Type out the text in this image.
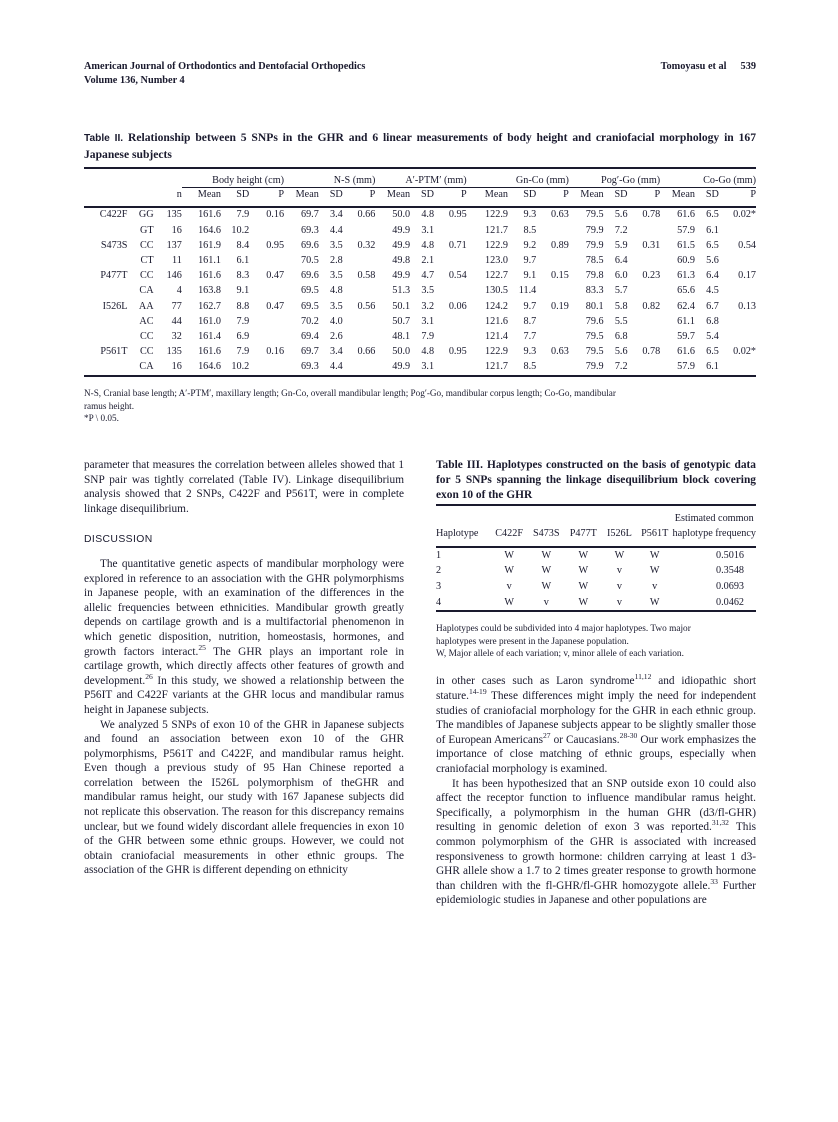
Tomoyasu et al 539
American Journal of Orthodontics and Dentofacial Orthopedics
Volume 136, Number 4

Table II. Relationship between 5 SNPs in the GHR and 6 linear measurements of body height and craniofacial morphology in 167 Japanese subjects

			Body height (cm)			N-S (mm)			A′-PTM′ (mm)			Gn-Co (mm)			Pog′-Go (mm)			Co-Go (mm)		
		n	Mean	SD	P	Mean	SD	P	Mean	SD	P	Mean	SD	P	Mean	SD	P	Mean	SD	P

C422F	GG	135	161.6	7.9	0.16	69.7	3.4	0.66	50.0	4.8	0.95	122.9	9.3	0.63	79.5	5.6	0.78	61.6	6.5	0.02*
	GT	16	164.6	10.2		69.3	4.4		49.9	3.1		121.7	8.5		79.9	7.2		57.9	6.1	
S473S	CC	137	161.9	8.4	0.95	69.6	3.5	0.32	49.9	4.8	0.71	122.9	9.2	0.89	79.9	5.9	0.31	61.5	6.5	0.54
	CT	11	161.1	6.1		70.5	2.8		49.8	2.1		123.0	9.7		78.5	6.4		60.9	5.6	
P477T	CC	146	161.6	8.3	0.47	69.6	3.5	0.58	49.9	4.7	0.54	122.7	9.1	0.15	79.8	6.0	0.23	61.3	6.4	0.17
	CA	4	163.8	9.1		69.5	4.8		51.3	3.5		130.5	11.4		83.3	5.7		65.6	4.5	
I526L	AA	77	162.7	8.8	0.47	69.5	3.5	0.56	50.1	3.2	0.06	124.2	9.7	0.19	80.1	5.8	0.82	62.4	6.7	0.13
	AC	44	161.0	7.9		70.2	4.0		50.7	3.1		121.6	8.7		79.6	5.5		61.1	6.8	
	CC	32	161.4	6.9		69.4	2.6		48.1	7.9		121.4	7.7		79.5	6.8		59.7	5.4	
P561T	CC	135	161.6	7.9	0.16	69.7	3.4	0.66	50.0	4.8	0.95	122.9	9.3	0.63	79.5	5.6	0.78	61.6	6.5	0.02*
	CA	16	164.6	10.2		69.3	4.4		49.9	3.1		121.7	8.5		79.9	7.2		57.9	6.1	

N-S, Cranial base length; A′-PTM′, maxillary length; Gn-Co, overall mandibular length; Pog′-Go, mandibular corpus length; Co-Go, mandibular
ramus height.
*P \ 0.05.

parameter that measures the correlation between alleles showed that 1 SNP pair was tightly correlated (Table IV). Linkage disequilibrium analysis showed that 2 SNPs, C422F and P561T, were in complete linkage disequilibrium.

DISCUSSION

The quantitative genetic aspects of mandibular morphology were explored in reference to an association with the GHR polymorphisms in Japanese people, with an examination of the differences in the allelic frequencies between ethnicities. Mandibular growth greatly depends on cartilage growth and is a multifactorial phenomenon in which genetic disposition, nutrition, homeostasis, hormones, and growth factors interact.$^{25}$ The GHR plays an important role in cartilage growth, which directly affects other features of growth and development.$^{26}$ In this study, we showed a relationship between the P56IT and C422F variants at the GHR locus and mandibular ramus height in Japanese subjects.

We analyzed 5 SNPs of exon 10 of the GHR in Japanese subjects and found an association between exon 10 of the GHR polymorphisms, P561T and C422F, and mandibular ramus height. Even though a previous study of 95 Han Chinese reported a correlation between the I526L polymorphism of theGHR and mandibular ramus height, our study with 167 Japanese subjects did not replicate this observation. The reason for this discrepancy remains unclear, but we found widely discordant allele frequencies in exon 10 of the GHR between some ethnic groups. However, we could not obtain craniofacial measurements in other ethnic groups. The association of the GHR is different depending on ethnicity

Table III. Haplotypes constructed on the basis of genotypic data for 5 SNPs spanning the linkage disequilibrium block covering exon 10 of the GHR

						Estimated common
Haplotype	C422F	S473S	P477T	I526L	P561T	haplotype frequency

1	W	W	W	W	W	0.5016
2	W	W	W	v	W	0.3548
3	v	W	W	v	v	0.0693
4	W	v	W	v	W	0.0462

Haplotypes could be subdivided into 4 major haplotypes. Two major
haplotypes were present in the Japanese population.
W, Major allele of each variation; v, minor allele of each variation.

in other cases such as Laron syndrome$^{11,12}$ and idiopathic short stature.$^{14-19}$ These differences might imply the need for independent studies of craniofacial morphology for the GHR in each ethnic group. The mandibles of Japanese subjects appear to be slightly smaller those of European Americans$^{27}$ or Caucasians.$^{28-30}$ Our work emphasizes the importance of close matching of ethnic groups, especially when craniofacial morphology is examined.

It has been hypothesized that an SNP outside exon 10 could also affect the receptor function to influence mandibular ramus height. Specifically, a polymorphism in the human GHR (d3/fl-GHR) resulting in genomic deletion of exon 3 was reported.$^{31,32}$ This common polymorphism of the GHR is associated with increased responsiveness to growth hormone: children carrying at least 1 d3-GHR allele show a 1.7 to 2 times greater response to growth hormone than children with the fl-GHR/fl-GHR homozygote allele.$^{33}$ Further epidemiologic studies in Japanese and other populations are
